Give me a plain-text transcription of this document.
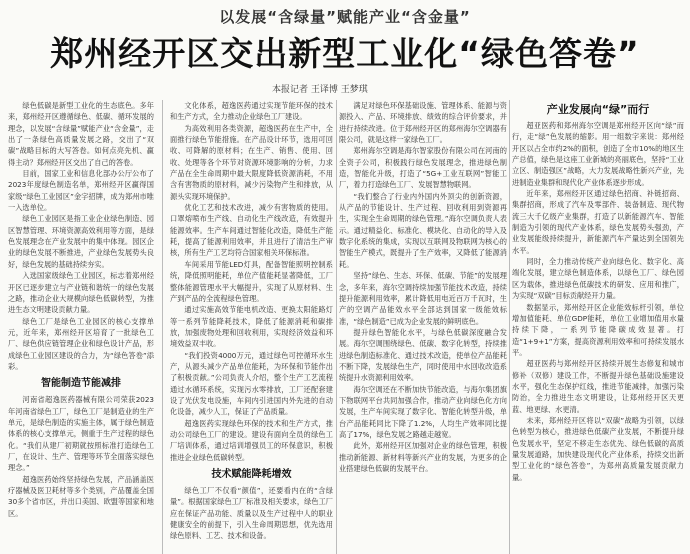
以发展“含绿量”赋能产业“含金量”
郑州经开区交出新型工业化“绿色答卷”
本报记者 王译博 王梦琪

绿色低碳是新型工业化的生态底色。多年来，郑州经开区遵循绿色、低碳、循环发展的理念，以发展“含绿量”赋能产业“含金量”，走出了一条绿色高质量发展之路，交出了“双碳”战略目标的大写答卷。如何点亮先机、赢得主动？郑州经开区交出了自己的答卷。

目前，国家工业和信息化部办公厅公布了2023年度绿色制造名单，郑州经开区赢得国家级“绿色工业园区”金字招牌，成为郑州市唯一入选单位。

绿色工业园区是指工业企业绿色制造、园区智慧管理、环境资源高效利用等方面，是绿色发展理念在产业发展中的集中体现。园区企业的绿色发展不断推进，产业绿色发展势头良好，绿色发展的基础持续夯实。

入选国家级绿色工业园区，标志着郑州经开区已逐步建立与产业链和谐统一的绿色发展之路，推动企业大规模向绿色低碳转型，为推进生态文明建设贡献力量。

绿色工厂是绿色工业园区的核心支撑单元，近年来，郑州经开区培育了一批绿色工厂、绿色供应链管理企业和绿色设计产品，形成绿色工业园区建设的合力，为“绿色答卷”添彩。

智能制造节能减排

河南省超逸医药器械有限公司荣获2023年河南省绿色工厂，绿色工厂是制造业的生产单元，是绿色制造的实施主体，属于绿色制造体系的核心支撑单元，侧重于生产过程的绿色化。“我们从建厂初期就按照标准打造绿色工厂，在设计、生产、管理等环节全面落实绿色理念。”

超逸医药始终坚持绿色发展，产品涵盖医疗器械及医卫耗材等多个类别，产品覆盖全国30多个省市区，并出口美国、欧盟等国家和地区。

文化体系，超逸医药通过实现节能环保的技术和生产方式，全力推动企业绿色工厂建设。

为高效利用各类资源，超逸医药在生产中，全面推行绿色节能措施。在产品设计环节，选用可回收、可降解的原材料；在生产、销售、使用、回收、处理等各个环节对资源环境影响的分析，力求产品在全生命周期中最大限度降低资源消耗，不用含有害物质的原材料，减少污染物产生和排放，从源头实现环境保护。

优化工艺和技术改进，减少有害物质的使用。口罩熔喷布生产线、自动化生产线改造，有效提升能源效率。生产车间通过智能化改造，降低生产能耗，提高了能源利用效率，并且进行了清洁生产审核，所有生产工艺均符合国家相关环保标准。

车间采用节能LED灯具，配备智能照明控制系统，降低照明能耗，单位产值能耗显著降低，工厂整体能源管理水平大幅提升，实现了从原材料、生产到产品的全流程绿色管理。

通过实施高效节能电机改造、更换太阳能路灯等一系列节能降耗技术，降低了能源消耗和碳排放，加强废物处理和回收利用，实现经济效益和环境效益双丰收。

“我们投资4000万元，通过绿色可控循环水生产，从源头减少产品单位能耗，为环保和节能作出了积极贡献。”公司负责人介绍，整个生产工艺流程通过水循环系统，实现污水零排放，工厂还配套建设了光伏发电设施，车间内引进国内外先进的自动化设备，减少人工，保证了产品质量。

超逸医药实现绿色环保的技术和生产方式，推动公司绿色工厂的建设。建设有面向全员的绿色工厂培训体系，通过培训增强员工的环保意识，积极推进企业绿色低碳转型。

技术赋能降耗增效

绿色工厂不仅看“颜值”，还要看内在的“含绿量”。根据国家绿色工厂标准及相关要求，绿色工厂应在保证产品功能、质量以及生产过程中人的职业健康安全的前提下，引入生命周期思想，优先选用绿色原料、工艺、技术和设备。

满足对绿色环保基础设施、管理体系、能源与资源投入、产品、环境排放、绩效的综合评价要求，并进行持续改进。位于郑州经开区的郑州海尔空调器有限公司，就是这样一家绿色工厂。

郑州海尔空调是海尔智家股份有限公司在河南的全资子公司，积极践行绿色发展理念，推进绿色制造，智能化升级，打造了“5G+工业互联网”智能工厂，着力打造绿色工厂、发展智慧物联网。

“我们整合了行业内外国内外顶尖的创新资源，从产品的节能设计、生产过程、回收利用到资源再生，实现全生命周期的绿色管理。”海尔空调负责人表示。通过精益化、标准化、模块化、自动化的导入及数字化系统的集成，实现以互联网及物联网为核心的智能生产模式，既提升了生产效率，又降低了能源消耗。

坚持“绿色、生态、环保、低碳、节能”的发展理念，多年来，海尔空调持续加强节能技术改造，持续提升能源利用效率，累计降低用电近百万千瓦时，生产的空调产品能效水平全部达到国家一级能效标准，“绿色制造”已成为企业发展的鲜明底色。

提升绿色智能化水平，与绿色低碳深度融合发展。海尔空调围绕绿色、低碳、数字化转型，持续推进绿色制造标准化、通过技术改造，使单位产品能耗不断下降，发展绿色生产，同时使用中水回收改造系统提升水资源利用效率。

海尔空调还在不断加快节能改造，与海尔集团旗下物联网平台共同加强合作，推动产业向绿色化方向发展，生产车间实现了数字化、智能化转型升级，单台产品能耗同比下降了1.2%，人均生产效率同比提高了17%，绿色发展之路越走越宽。

此外，郑州经开区加强对企业的绿色管理，积极推动新能源、新材料等新兴产业的发展，为更多的企业搭建绿色低碳的发展平台。

产业发展向“绿”而行

超亚医药和郑州海尔空调是郑州经开区向“绿”而行，走“绿”色发展的缩影。用一组数字来说：郑州经开区以占全市约2%的面积，创造了全市10%的地区生产总值，绿色是这座工业新城的亮丽底色，坚持“工业立区、制造强区”战略，大力发展战略性新兴产业，先进制造业集群和现代化产业体系逐步形成。

近年来，郑州经开区通过绿色招商、补链招商、集群招商，形成了汽车及零部件、装备制造、现代物流三大千亿级产业集群，打造了以新能源汽车、智能制造为引领的现代产业体系，绿色发展势头强劲，产业发展能级持续提升，新能源汽车产量达到全国领先水平。

同时，全力推动传统产业向绿色化、数字化、高端化发展，建立绿色制造体系，以绿色工厂、绿色园区为载体，推进绿色低碳技术的研发、应用和推广，为实现“双碳”目标贡献经开力量。

数据显示，郑州经开区企业能效标杆引领，单位增加值能耗、单位GDP能耗，单位工业增加值用水量持续下降，一系列节能降碳成效显著。打造“1+9+1”方案，提高资源利用效率和可持续发展水平。

超亚医药与郑州经开区持续开展生态修复和城市修补（双修）建设工作，不断提升绿色基础设施建设水平，强化生态保护红线，推进节能减排，加强污染防治，全力推进生态文明建设，让郑州经开区天更蓝、地更绿、水更清。

未来，郑州经开区将以“双碳”战略为引领，以绿色转型为核心，推进绿色低碳产业发展，不断提升绿色发展水平，坚定不移走生态优先、绿色低碳的高质量发展道路，加快建设现代化产业体系，持续交出新型工业化的“绿色答卷”，为郑州高质量发展贡献力量。
